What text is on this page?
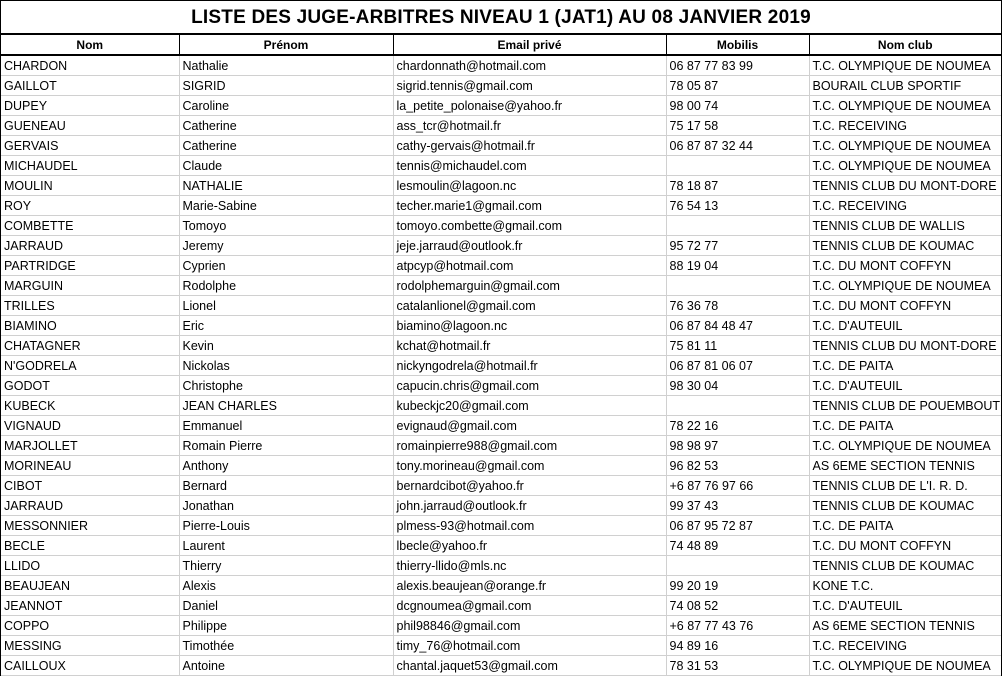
LISTE DES JUGE-ARBITRES NIVEAU 1 (JAT1) AU 08 JANVIER 2019
Nom	Prénom	Email privé	Mobilis	Nom club
CHARDON	Nathalie	chardonnath@hotmail.com	06 87 77 83 99	T.C. OLYMPIQUE DE NOUMEA
GAILLOT	SIGRID	sigrid.tennis@gmail.com	78 05 87	BOURAIL CLUB SPORTIF
DUPEY	Caroline	la_petite_polonaise@yahoo.fr	98 00 74	T.C. OLYMPIQUE DE NOUMEA
GUENEAU	Catherine	ass_tcr@hotmail.fr	75 17 58	T.C. RECEIVING
GERVAIS	Catherine	cathy-gervais@hotmail.fr	06 87 87 32 44	T.C. OLYMPIQUE DE NOUMEA
MICHAUDEL	Claude	tennis@michaudel.com		T.C. OLYMPIQUE DE NOUMEA
MOULIN	NATHALIE	lesmoulin@lagoon.nc	78 18 87	TENNIS CLUB DU MONT-DORE
ROY	Marie-Sabine	techer.marie1@gmail.com	76 54 13	T.C. RECEIVING
COMBETTE	Tomoyo	tomoyo.combette@gmail.com		TENNIS CLUB DE WALLIS
JARRAUD	Jeremy	jeje.jarraud@outlook.fr	95 72 77	TENNIS CLUB DE KOUMAC
PARTRIDGE	Cyprien	atpcyp@hotmail.com	88 19 04	T.C. DU MONT COFFYN
MARGUIN	Rodolphe	rodolphemarguin@gmail.com		T.C. OLYMPIQUE DE NOUMEA
TRILLES	Lionel	catalanlionel@gmail.com	76 36 78	T.C. DU MONT COFFYN
BIAMINO	Eric	biamino@lagoon.nc	06 87 84 48 47	T.C. D'AUTEUIL
CHATAGNER	Kevin	kchat@hotmail.fr	75 81 11	TENNIS CLUB DU MONT-DORE
N'GODRELA	Nickolas	nickyngodrela@hotmail.fr	06 87 81 06 07	T.C. DE PAITA
GODOT	Christophe	capucin.chris@gmail.com	98 30 04	T.C. D'AUTEUIL
KUBECK	JEAN CHARLES	kubeckjc20@gmail.com		TENNIS CLUB DE POUEMBOUT
VIGNAUD	Emmanuel	evignaud@gmail.com	78 22 16	T.C. DE PAITA
MARJOLLET	Romain Pierre	romainpierre988@gmail.com	98 98 97	T.C. OLYMPIQUE DE NOUMEA
MORINEAU	Anthony	tony.morineau@gmail.com	96 82 53	AS 6EME SECTION TENNIS
CIBOT	Bernard	bernardcibot@yahoo.fr	+6 87 76 97 66	TENNIS CLUB DE L'I. R. D.
JARRAUD	Jonathan	john.jarraud@outlook.fr	99 37 43	TENNIS CLUB DE KOUMAC
MESSONNIER	Pierre-Louis	plmess-93@hotmail.com	06 87 95 72 87	T.C. DE PAITA
BECLE	Laurent	lbecle@yahoo.fr	74 48 89	T.C. DU MONT COFFYN
LLIDO	Thierry	thierry-llido@mls.nc		TENNIS CLUB DE KOUMAC
BEAUJEAN	Alexis	alexis.beaujean@orange.fr	99 20 19	KONE T.C.
JEANNOT	Daniel	dcgnoumea@gmail.com	74 08 52	T.C. D'AUTEUIL
COPPO	Philippe	phil98846@gmail.com	+6 87 77 43 76	AS 6EME SECTION TENNIS
MESSING	Timothée	timy_76@hotmail.com	94 89 16	T.C. RECEIVING
CAILLOUX	Antoine	chantal.jaquet53@gmail.com	78 31 53	T.C. OLYMPIQUE DE NOUMEA
